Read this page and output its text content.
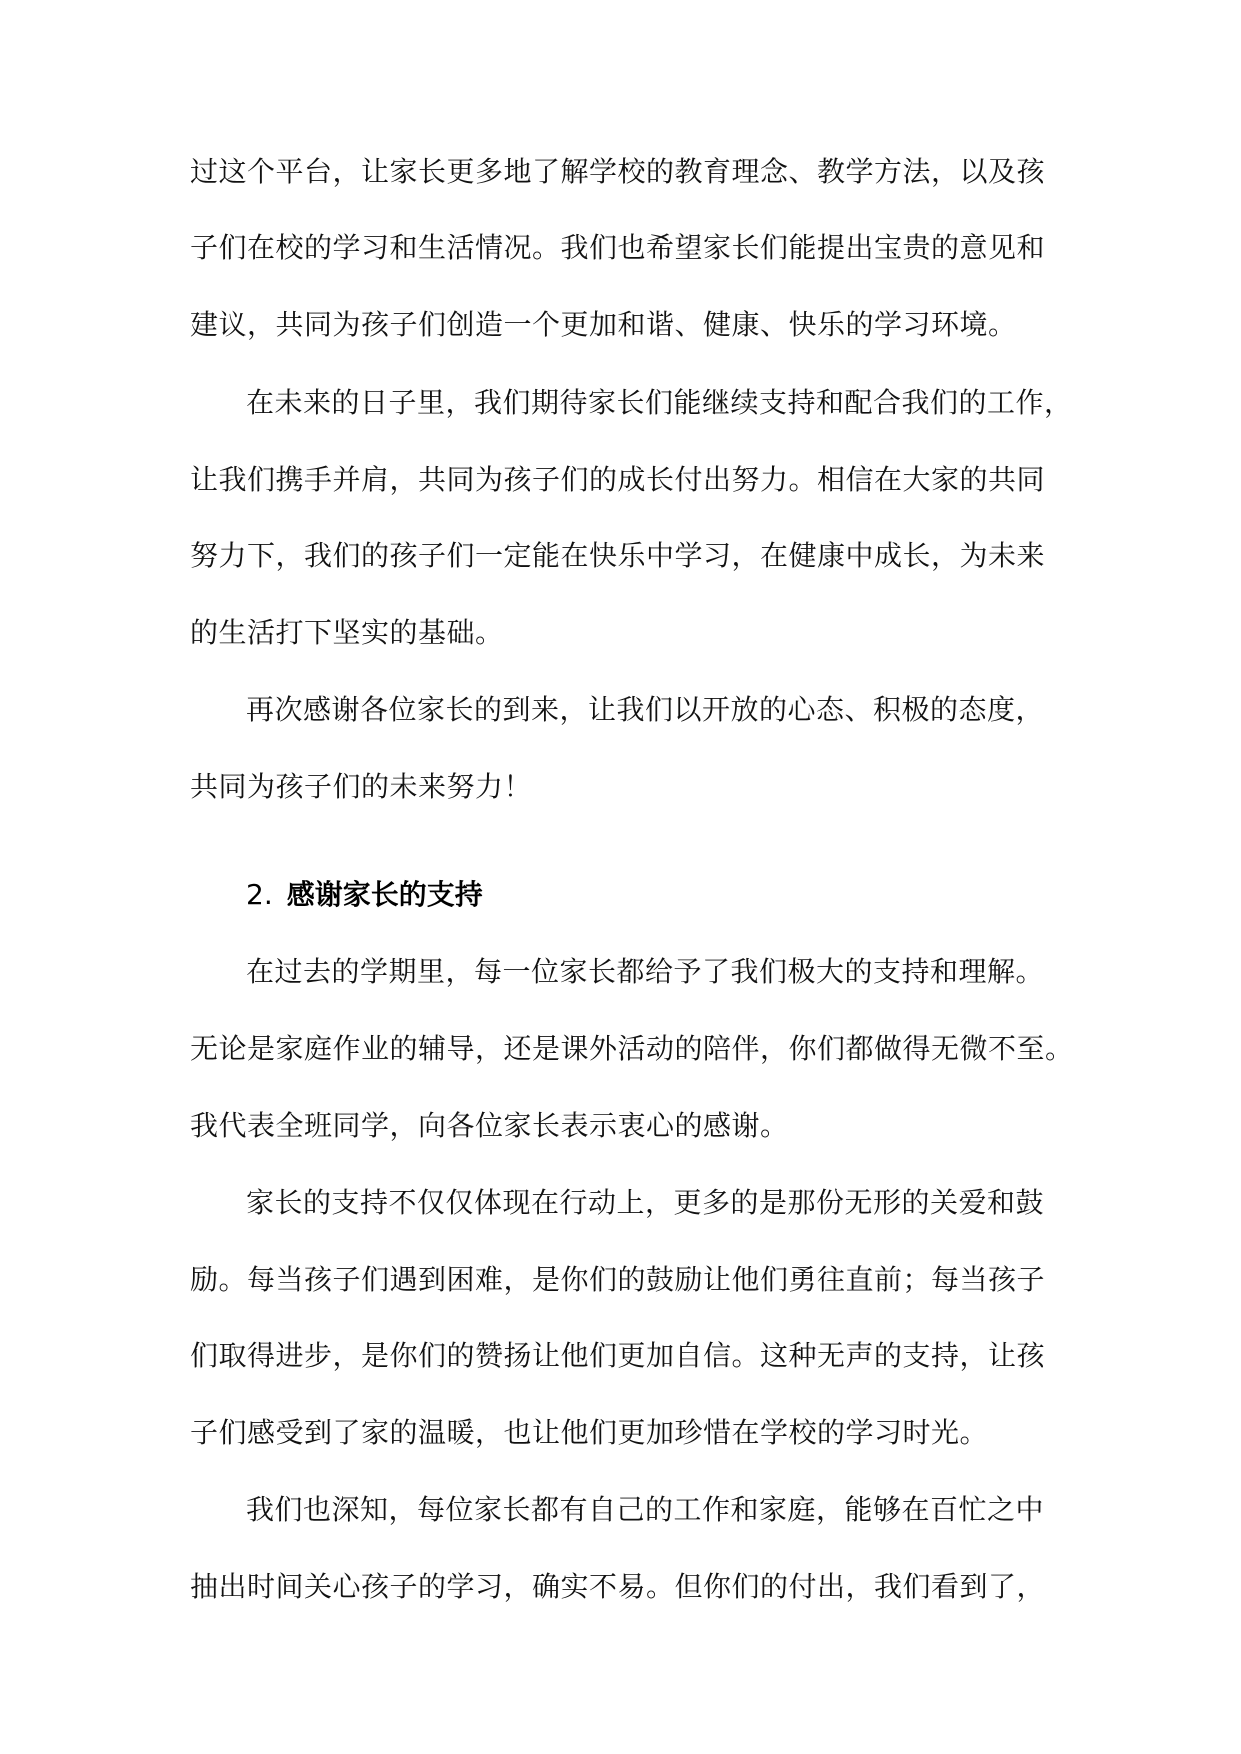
过这个平台，让家长更多地了解学校的教育理念、教学方法，以及孩
子们在校的学习和生活情况。我们也希望家长们能提出宝贵的意见和
建议，共同为孩子们创造一个更加和谐、健康、快乐的学习环境。
在未来的日子里，我们期待家长们能继续支持和配合我们的工作，
让我们携手并肩，共同为孩子们的成长付出努力。相信在大家的共同
努力下，我们的孩子们一定能在快乐中学习，在健康中成长，为未来
的生活打下坚实的基础。
再次感谢各位家长的到来，让我们以开放的心态、积极的态度，
共同为孩子们的未来努力！
2. 感谢家长的支持
在过去的学期里，每一位家长都给予了我们极大的支持和理解。
无论是家庭作业的辅导，还是课外活动的陪伴，你们都做得无微不至。
我代表全班同学，向各位家长表示衷心的感谢。
家长的支持不仅仅体现在行动上，更多的是那份无形的关爱和鼓
励。每当孩子们遇到困难，是你们的鼓励让他们勇往直前；每当孩子
们取得进步，是你们的赞扬让他们更加自信。这种无声的支持，让孩
子们感受到了家的温暖，也让他们更加珍惜在学校的学习时光。
我们也深知，每位家长都有自己的工作和家庭，能够在百忙之中
抽出时间关心孩子的学习，确实不易。但你们的付出，我们看到了，
